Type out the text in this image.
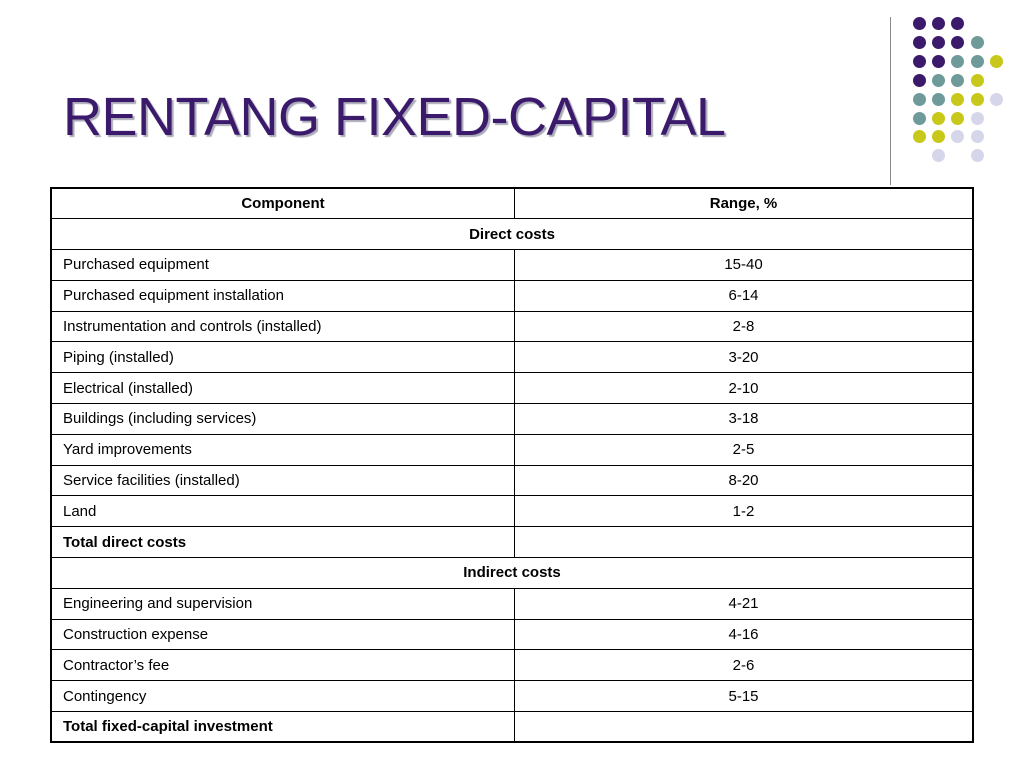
RENTANG FIXED-CAPITAL
Component	Range, %
Direct costs	
Purchased equipment	15-40
Purchased equipment installation	6-14
Instrumentation and controls (installed)	2-8
Piping (installed)	3-20
Electrical (installed)	2-10
Buildings (including services)	3-18
Yard improvements	2-5
Service facilities (installed)	8-20
Land	1-2
Total direct costs	
Indirect costs	
Engineering and supervision	4-21
Construction expense	4-16
Contractor’s fee	2-6
Contingency	5-15
Total fixed-capital investment	
